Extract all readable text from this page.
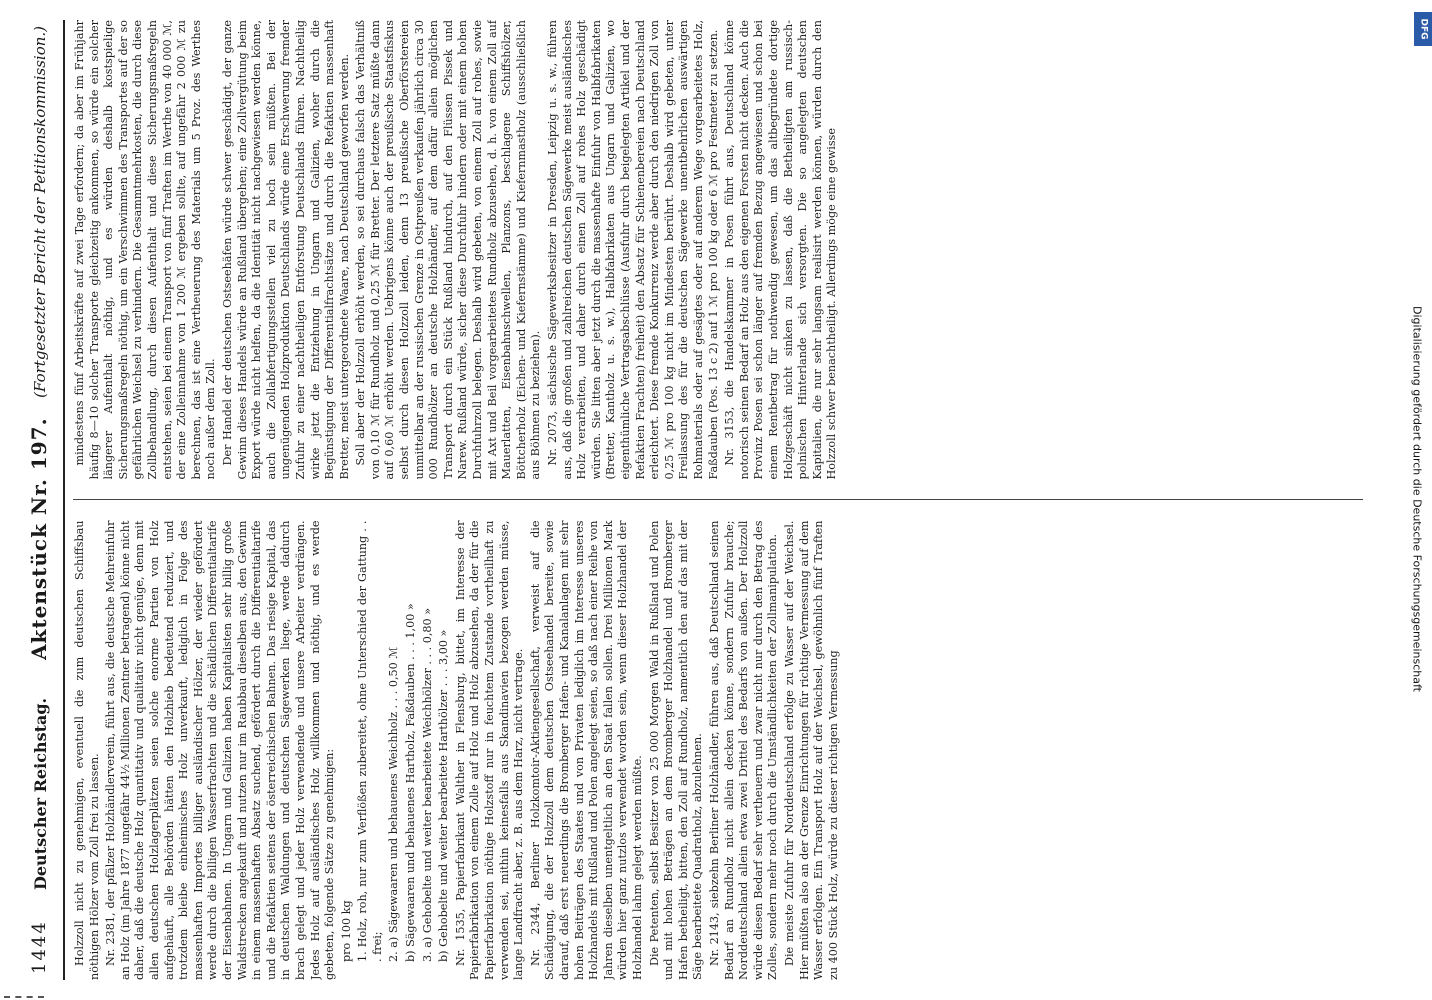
1444
Deutscher Reichstag.
Aktenstück Nr. 197.
(Fortgesetzter Bericht der Petitionskommission.)

Holzzoll nicht zu genehmigen, eventuell die zum deutschen Schiffsbau nöthigen Hölzer vom Zoll frei zu lassen. Nr. 2381, der pfälzer Holzhändlerverein, führt aus, die deutsche Mehreinfuhr an Holz (im Jahre 1877 ungefähr 44½ Millionen Zentner betragend) könne nicht daher, daß die deutsche Holz quantitativ und qualitativ nicht genüge, denn mit allen deutschen Holzlagerplätzen seien solche enorme Partien von Holz aufgehäuft, alle Behörden hätten den Holzhieb bedeutend reduziert, und trotzdem bleibe einheimisches Holz unverkauft, lediglich in Folge des massenhaften Importes billiger ausländischer Hölzer, der wieder gefördert werde durch die billigen Wasserfrachten und die schädlichen Differentialtarife der Eisenbahnen. In Ungarn und Galizien haben Kapitalisten sehr billig große Waldstrecken angekauft und nutzen nur im Raubbau dieselben aus, den Gewinn in einem massenhaften Absatz suchend, gefördert durch die Differentialtarife und die Refaktien seitens der österreichischen Bahnen. Das riesige Kapital, das in deutschen Waldungen und deutschen Sägewerken liege, werde dadurch brach gelegt und jeder Holz verwendende und unsere Arbeiter verdrängen. Jedes Holz auf ausländisches Holz willkommen und nöthig, und es werde gebeten, folgende Sätze zu genehmigen: pro 100 kg 1. Holz, roh, nur zum Verflößen zubereitet, ohne Unterschied der Gattung . . . frei; 2. a) Sägewaaren und behauenes Weichholz . . . 0,50 ℳ b) Sägewaaren und behauenes Hartholz, Faßdauben . . . 1,00 » 3. a) Gehobelte und weiter bearbeitete Weichhölzer . . . 0,80 » b) Gehobelte und weiter bearbeitete Harthölzer . . . 3,00 » Nr. 1535, Papierfabrikant Walther in Flensburg, bittet, im Interesse der Papierfabrikation von einem Zolle auf Holz und Holz abzusehen, da der für die Papierfabrikation nöthige Holzstoff nur in feuchtem Zustande vortheilhaft zu verwenden sei, mithin keinesfalls aus Skandinavien bezogen werden müsse, lange Landfracht aber, z. B. aus dem Harz, nicht vertrage. Nr. 2344, Berliner Holzkomtoir-Aktiengesellschaft, verweist auf die Schädigung, die der Holzzoll dem deutschen Ostseehandel bereite, sowie darauf, daß erst neuerdings die Bromberger Hafen- und Kanalanlagen mit sehr hohen Beiträgen des Staates und von Privaten lediglich im Interesse unseres Holzhandels mit Rußland und Polen angelegt seien, so daß nach einer Reihe von Jahren dieselben unentgeltlich an den Staat fallen sollen. Drei Millionen Mark würden hier ganz nutzlos verwendet worden sein, wenn dieser Holzhandel der Holzhandel lahm gelegt werden müßte. Die Petenten, selbst Besitzer von 25 000 Morgen Wald in Rußland und Polen und mit hohen Beträgen an dem Bromberger Holzhandel und Bromberger Hafen betheiligt, bitten, den Zoll auf Rundholz, namentlich den auf das mit der Säge bearbeitete Quadratholz, abzulehnen. Nr. 2143, siebzehn Berliner Holzhändler, führen aus, daß Deutschland seinen Bedarf an Rundholz nicht allein decken könne, sondern Zufuhr brauche; Norddeutschland allein etwa zwei Drittel des Bedarfs von außen. Der Holzzoll würde diesen Bedarf sehr vertheuern und zwar nicht nur durch den Betrag des Zolles, sondern mehr noch durch die Umständlichkeiten der Zollmanipulation. Die meiste Zufuhr für Norddeutschland erfolge zu Wasser auf der Weichsel. Hier müßten also an der Grenze Einrichtungen für richtige Vermessung auf dem Wasser erfolgen. Ein Transport Holz auf der Weichsel, gewöhnlich fünf Traften zu 400 Stück Holz, würde zu dieser richtigen Vermessung

mindestens fünf Arbeitskräfte auf zwei Tage erfordern; da aber im Frühjahr häufig 8—10 solcher Transporte gleichzeitig ankommen, so würde ein solcher längerer Aufenthalt nöthig, und es würden deshalb kostspielige Sicherungsmaßregeln nöthig, um ein Verschwimmen des Transportes auf der so gefährlichen Weichsel zu verhindern. Die Gesammtmehrkosten, die durch diese Zollbehandlung, durch diesen Aufenthalt und diese Sicherungsmaßregeln entstehen, seien bei einem Transport von fünf Traften im Werthe von 40 000 ℳ, der eine Zolleinnahme von 1 200 ℳ ergeben sollte, auf ungefähr 2 000 ℳ zu berechnen, das ist eine Vertheuerung des Materials um 5 Proz. des Werthes noch außer dem Zoll. Der Handel der deutschen Ostseehäfen würde schwer geschädigt, der ganze Gewinn dieses Handels würde an Rußland übergehen; eine Zollvergütung beim Export würde nicht helfen, da die Identität nicht nachgewiesen werden könne, auch die Zollabfertigungsstellen viel zu hoch sein müßten. Bei der ungenügenden Holzproduktion Deutschlands würde eine Erschwerung fremder Zufuhr zu einer nachtheiligen Entforstung Deutschlands führen. Nachtheilig wirke jetzt die Entziehung in Ungarn und Galizien, woher durch die Begünstigung der Differentialfrachtsätze und durch die Refaktien massenhaft Bretter, meist untergeordnete Waare, nach Deutschland geworfen werden. Soll aber der Holzzoll erhöht werden, so sei durchaus falsch das Verhältniß von 0,10 ℳ für Rundholz und 0,25 ℳ für Bretter. Der letztere Satz müßte dann auf 0,60 ℳ erhöht werden. Uebrigens könne auch der preußische Staatsfiskus selbst durch diesen Holzzoll leiden, denn 13 preußische Oberförstereien unmittelbar an der russischen Grenze in Ostpreußen verkaufen jährlich circa 30 000 Rundhölzer an deutsche Holzhändler, auf dem dafür allein möglichen Transport durch ein Stück Rußland hindurch, auf den Flüssen Pissek und Narew. Rußland würde, sicher diese Durchfuhr hindern oder mit einem hohen Durchfuhrzoll belegen. Deshalb wird gebeten, von einem Zoll auf rohes, sowie mit Axt und Beil vorgearbeitetes Rundholz abzusehen, d. h. von einem Zoll auf Mauerlatten, Eisenbahnschwellen, Planzons, beschlagene Schiffshölzer, Böttcherholz (Eichen- und Kiefernstämme) und Kiefernmastholz (ausschließlich aus Böhmen zu beziehen). Nr. 2073, sächsische Sägewerksbesitzer in Dresden, Leipzig u. s. w., führen aus, daß die großen und zahlreichen deutschen Sägewerke meist ausländisches Holz verarbeiten, und daher durch einen Zoll auf rohes Holz geschädigt würden. Sie litten aber jetzt durch die massenhafte Einfuhr von Halbfabrikaten (Bretter, Kantholz u. s. w.), Halbfabrikaten aus Ungarn und Galizien, wo eigenthümliche Vertragsabschlüsse (Ausfuhr durch beigelegten Artikel und der Refaktien Frachten) freiheit) den Absatz für Schienenbereien nach Deutschland erleichtert. Diese fremde Konkurrenz werde aber durch den niedrigen Zoll von 0,25 ℳ pro 100 kg nicht im Mindesten berührt. Deshalb wird gebeten, unter Freilassung des für die deutschen Sägewerke unentbehrlichen auswärtigen Rohmaterials oder auf gesägtes oder auf anderem Wege vorgearbeitetes Holz, Faßdauben (Pos. 13 c 2) auf 1 ℳ pro 100 kg oder 6 ℳ pro Festmeter zu setzen. Nr. 3153, die Handelskammer in Posen führt aus, Deutschland könne notorisch seinen Bedarf an Holz aus den eigenen Forsten nicht decken. Auch die Provinz Posen sei schon länger auf fremden Bezug angewiesen und schon bei einem Rentbetrag für nothwendig gewesen, um das altbegründete dortige Holzgeschäft nicht sinken zu lassen, daß die Betheiligten am russisch-polnischen Hinterlande sich versorgten. Die so angelegten deutschen Kapitalien, die nur sehr langsam realisirt werden können, würden durch den Holzzoll schwer benachtheiligt. Allerdings möge eine gewisse

Digitalisierung gefördert durch die Deutsche Forschungsgemeinschaft
DFG
